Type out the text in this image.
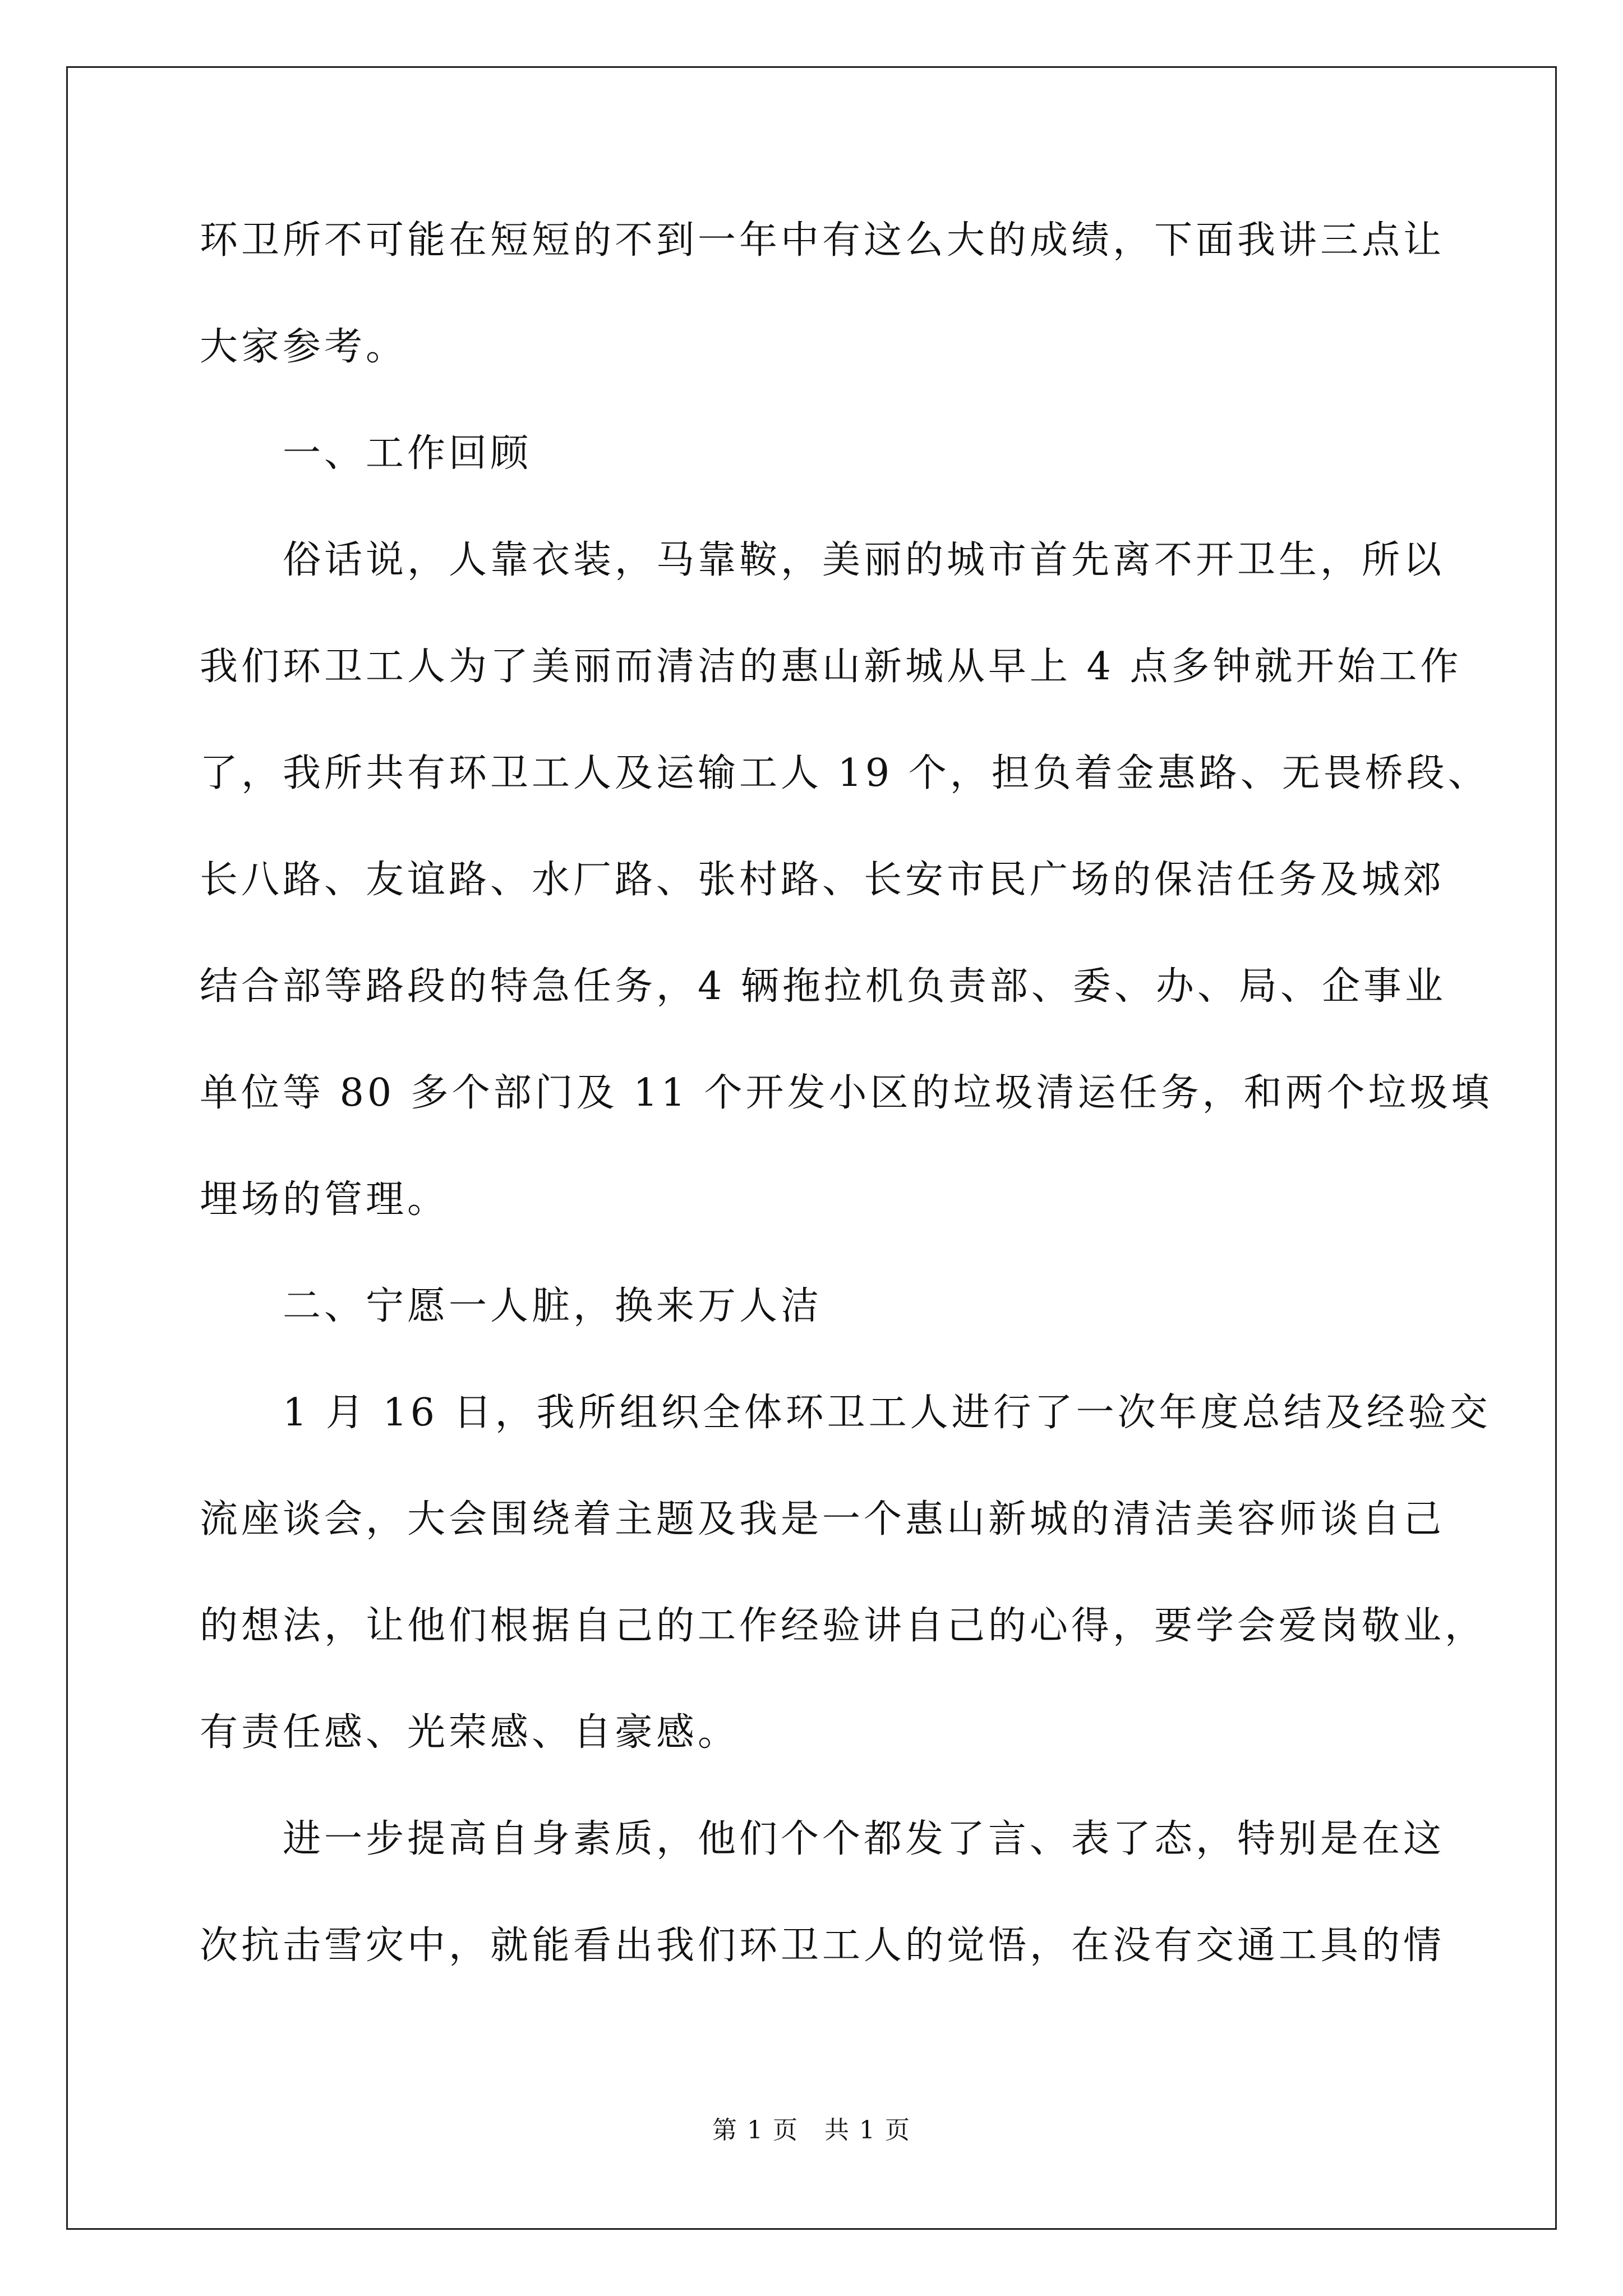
环卫所不可能在短短的不到一年中有这么大的成绩，下面我讲三点让
大家参考。
　　一、工作回顾
　　俗话说，人靠衣装，马靠鞍，美丽的城市首先离不开卫生，所以
我们环卫工人为了美丽而清洁的惠山新城从早上 4 点多钟就开始工作
了，我所共有环卫工人及运输工人 19 个，担负着金惠路、无畏桥段、
长八路、友谊路、水厂路、张村路、长安市民广场的保洁任务及城郊
结合部等路段的特急任务，4 辆拖拉机负责部、委、办、局、企事业
单位等 80 多个部门及 11 个开发小区的垃圾清运任务，和两个垃圾填
埋场的管理。
　　二、宁愿一人脏，换来万人洁
　　1 月 16 日，我所组织全体环卫工人进行了一次年度总结及经验交
流座谈会，大会围绕着主题及我是一个惠山新城的清洁美容师谈自己
的想法，让他们根据自己的工作经验讲自己的心得，要学会爱岗敬业，
有责任感、光荣感、自豪感。
　　进一步提高自身素质，他们个个都发了言、表了态，特别是在这
次抗击雪灾中，就能看出我们环卫工人的觉悟，在没有交通工具的情
第 1 页　共 1 页
